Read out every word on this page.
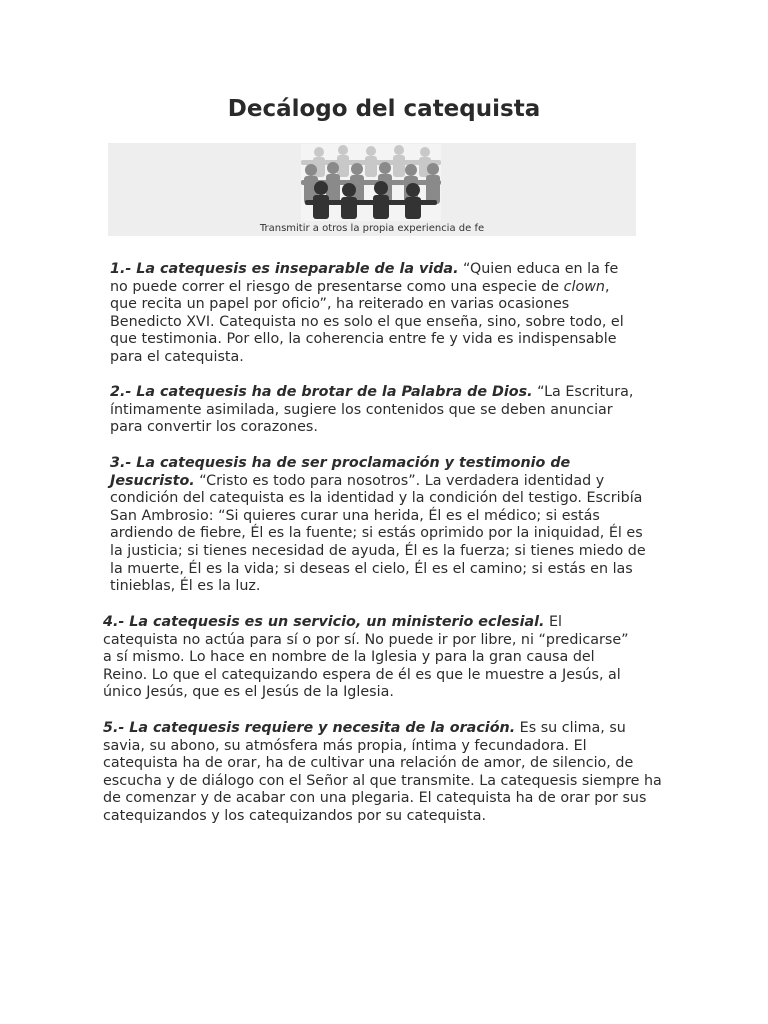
Decálogo del catequista
Transmitir a otros la propia experiencia de fe

1.- La catequesis es inseparable de la vida. “Quien educa en la fe no puede correr el riesgo de presentarse como una especie de clown, que recita un papel por oficio”, ha reiterado en varias ocasiones Benedicto XVI. Catequista no es solo el que enseña, sino, sobre todo, el que testimonia. Por ello, la coherencia entre fe y vida es indispensable para el catequista.

2.- La catequesis ha de brotar de la Palabra de Dios. “La Escritura, íntimamente asimilada, sugiere los contenidos que se deben anunciar para convertir los corazones.

3.- La catequesis ha de ser proclamación y testimonio de Jesucristo. “Cristo es todo para nosotros”. La verdadera identidad y condición del catequista es la identidad y la condición del testigo. Escribía San Ambrosio: “Si quieres curar una herida, Él es el médico; si estás ardiendo de fiebre, Él es la fuente; si estás oprimido por la iniquidad, Él es la justicia; si tienes necesidad de ayuda, Él es la fuerza; si tienes miedo de la muerte, Él es la vida; si deseas el cielo, Él es el camino; si estás en las tinieblas, Él es la luz.

4.- La catequesis es un servicio, un ministerio eclesial. El catequista no actúa para sí o por sí. No puede ir por libre, ni “predicarse” a sí mismo. Lo hace en nombre de la Iglesia y para la gran causa del Reino. Lo que el catequizando espera de él es que le muestre a Jesús, al único Jesús, que es el Jesús de la Iglesia.

5.- La catequesis requiere y necesita de la oración. Es su clima, su savia, su abono, su atmósfera más propia, íntima y fecundadora. El catequista ha de orar, ha de cultivar una relación de amor, de silencio, de escucha y de diálogo con el Señor al que transmite. La catequesis siempre ha de comenzar y de acabar con una plegaria. El catequista ha de orar por sus catequizandos y los catequizandos por su catequista.
